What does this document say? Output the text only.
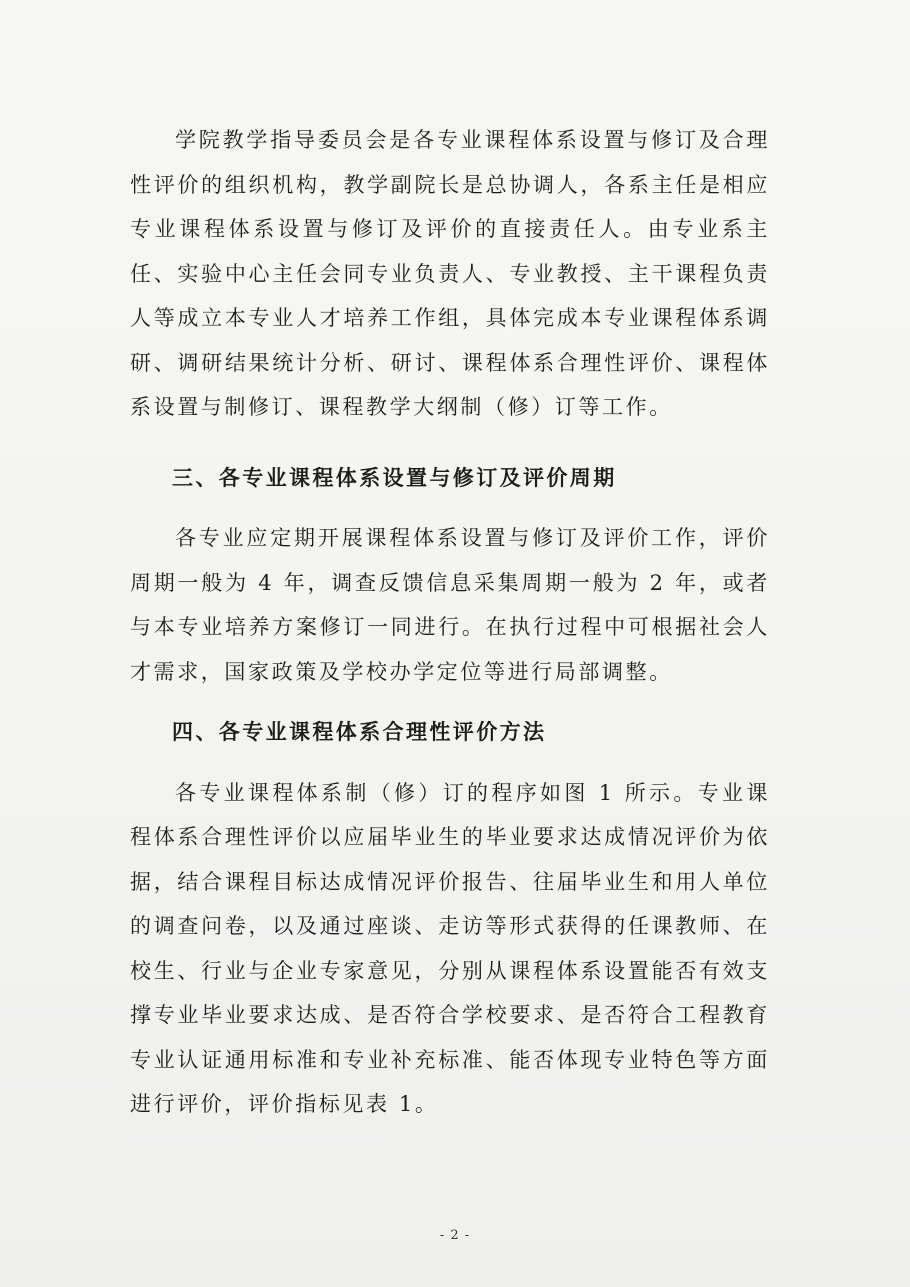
学院教学指导委员会是各专业课程体系设置与修订及合理性评价的组织机构，教学副院长是总协调人，各系主任是相应专业课程体系设置与修订及评价的直接责任人。由专业系主任、实验中心主任会同专业负责人、专业教授、主干课程负责人等成立本专业人才培养工作组，具体完成本专业课程体系调研、调研结果统计分析、研讨、课程体系合理性评价、课程体系设置与制修订、课程教学大纲制（修）订等工作。

三、各专业课程体系设置与修订及评价周期

各专业应定期开展课程体系设置与修订及评价工作，评价周期一般为 4 年，调查反馈信息采集周期一般为 2 年，或者与本专业培养方案修订一同进行。在执行过程中可根据社会人才需求，国家政策及学校办学定位等进行局部调整。

四、各专业课程体系合理性评价方法

各专业课程体系制（修）订的程序如图 1 所示。专业课程体系合理性评价以应届毕业生的毕业要求达成情况评价为依据，结合课程目标达成情况评价报告、往届毕业生和用人单位的调查问卷，以及通过座谈、走访等形式获得的任课教师、在校生、行业与企业专家意见，分别从课程体系设置能否有效支撑专业毕业要求达成、是否符合学校要求、是否符合工程教育专业认证通用标准和专业补充标准、能否体现专业特色等方面进行评价，评价指标见表 1。

- 2 -
